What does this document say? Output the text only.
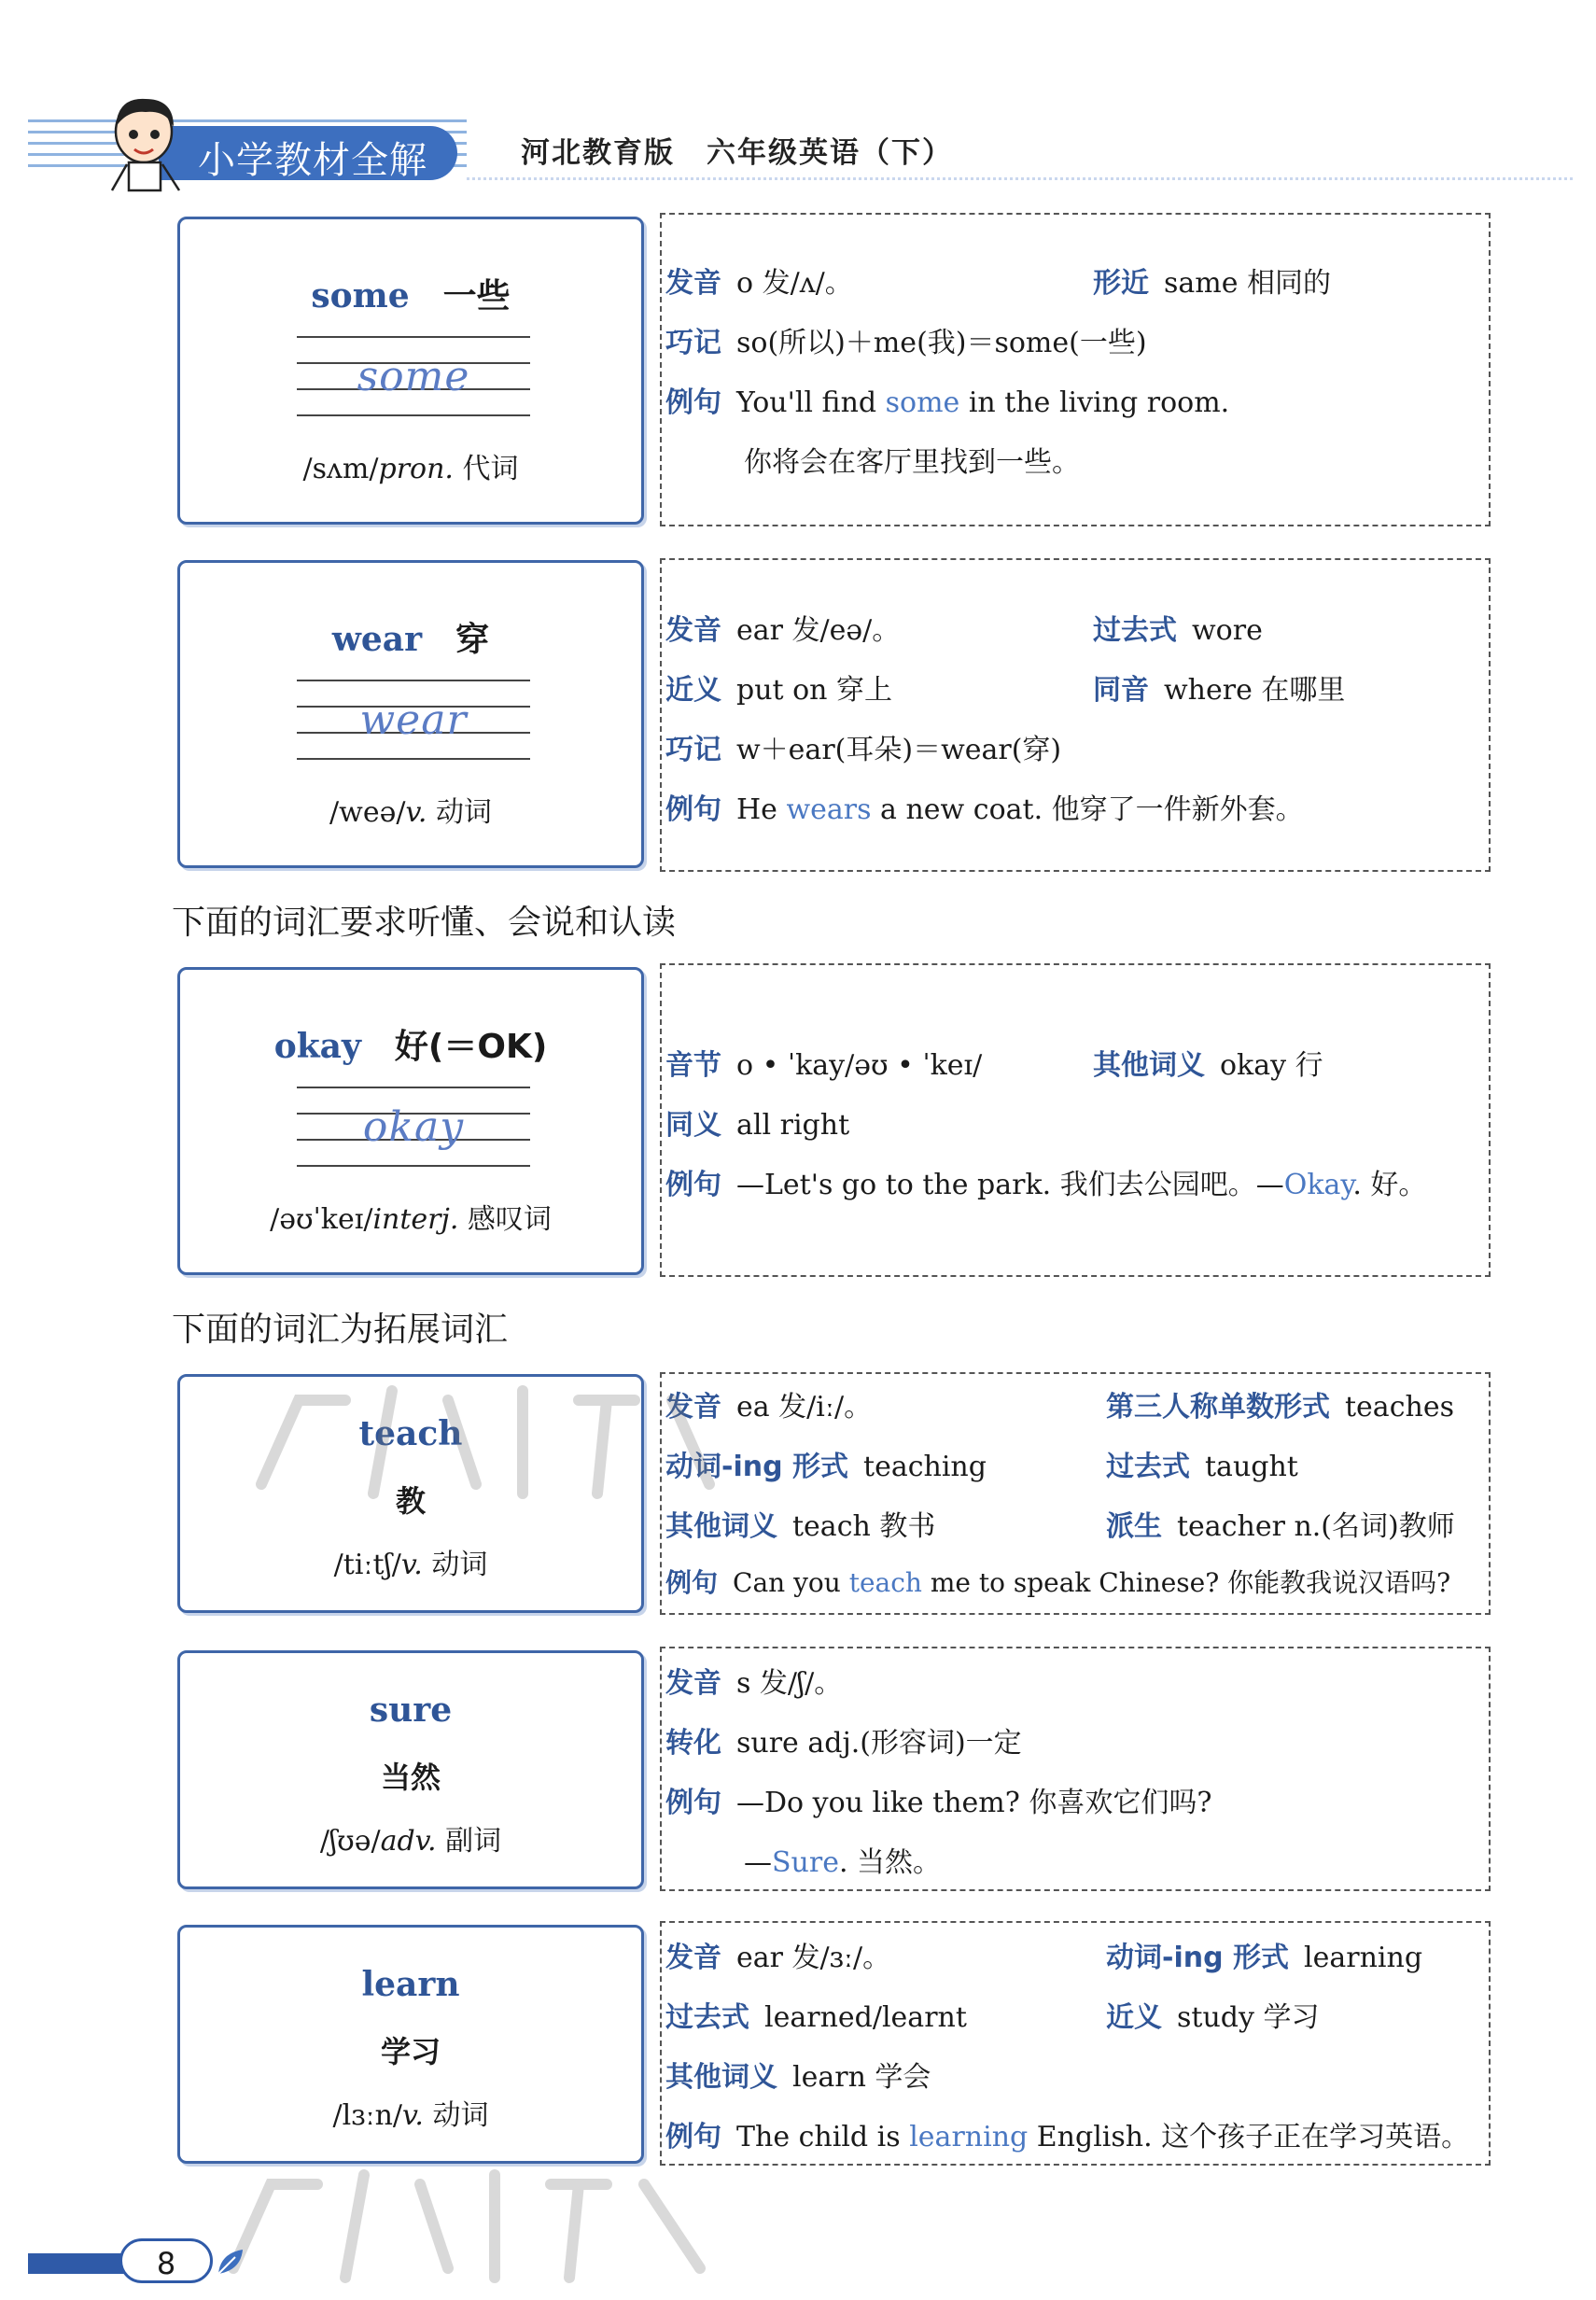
小学教材全解	河北教育版 六年级英语（下）
some 一些
some
/sʌm/pron. 代词
发音 o 发/ʌ/。	形近 same 相同的
巧记 so(所以)＋me(我)＝some(一些)
例句 You'll find some in the living room.
你将会在客厅里找到一些。
wear 穿
wear
/weə/v. 动词
发音 ear 发/eə/。	过去式 wore
近义 put on 穿上	同音 where 在哪里
巧记 w＋ear(耳朵)＝wear(穿)
例句 He wears a new coat. 他穿了一件新外套。
下面的词汇要求听懂、会说和认读
okay 好(＝OK)
okay
/əʊˈkeɪ/interj. 感叹词
音节 o • ˈkay/əʊ • ˈkeɪ/	其他词义 okay 行
同义 all right
例句 —Let's go to the park. 我们去公园吧。—Okay. 好。
下面的词汇为拓展词汇
teach
教
/tiːtʃ/v. 动词
发音 ea 发/iː/。	第三人称单数形式 teaches
动词-ing 形式 teaching	过去式 taught
其他词义 teach 教书	派生 teacher n.(名词)教师
例句 Can you teach me to speak Chinese? 你能教我说汉语吗?
sure
当然
/ʃʊə/adv. 副词
发音 s 发/ʃ/。
转化 sure adj.(形容词)一定
例句 —Do you like them? 你喜欢它们吗?
—Sure. 当然。
learn
学习
/lɜːn/v. 动词
发音 ear 发/ɜː/。	动词-ing 形式 learning
过去式 learned/learnt	近义 study 学习
其他词义 learn 学会
例句 The child is learning English. 这个孩子正在学习英语。
8
